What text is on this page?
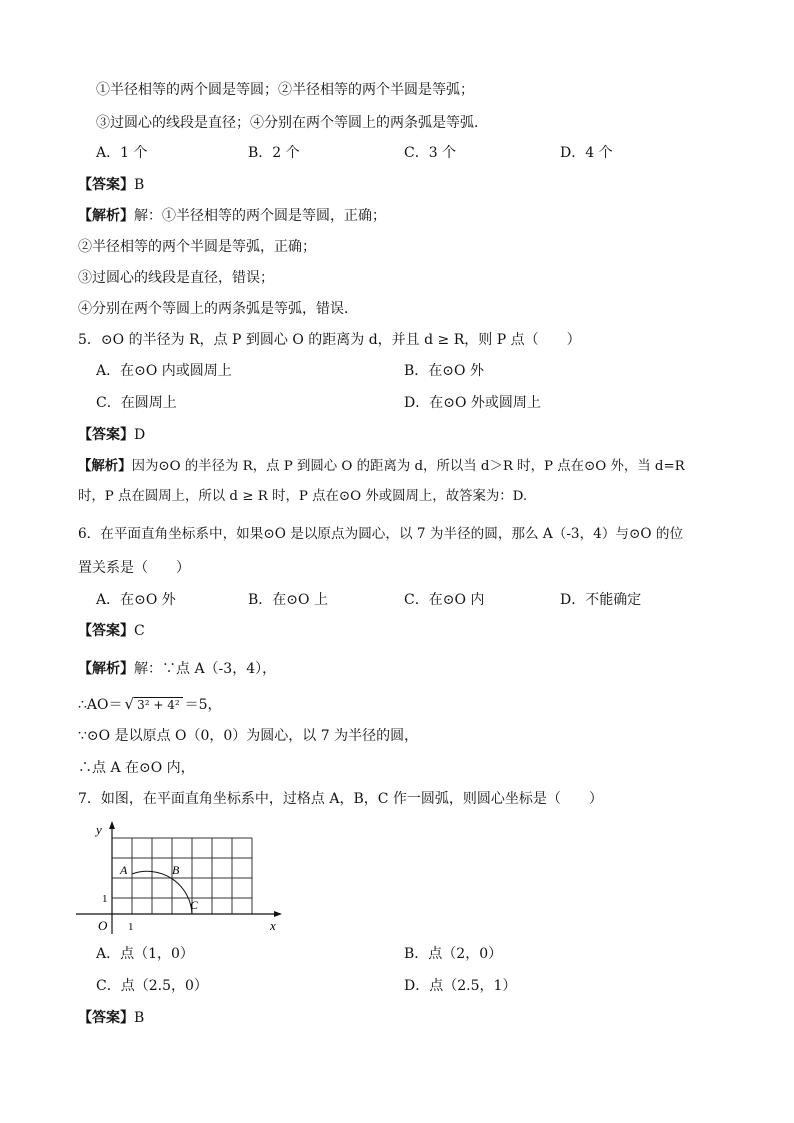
①半径相等的两个圆是等圆；②半径相等的两个半圆是等弧；
③过圆心的线段是直径；④分别在两个等圆上的两条弧是等弧．
A．1 个	B．2 个	C．3 个	D．4 个
【答案】B
【解析】解：①半径相等的两个圆是等圆，正确；
②半径相等的两个半圆是等弧，正确；
③过圆心的线段是直径，错误；
④分别在两个等圆上的两条弧是等弧，错误．
5．⊙O 的半径为 R，点 P 到圆心 O 的距离为 d，并且 d ≥ R，则 P 点（　　）
A．在⊙O 内或圆周上	B．在⊙O 外
C．在圆周上	D．在⊙O 外或圆周上
【答案】D
【解析】因为⊙O 的半径为 R，点 P 到圆心 O 的距离为 d，所以当 d＞R 时，P 点在⊙O 外，当 d=R
时，P 点在圆周上，所以 d ≥ R 时，P 点在⊙O 外或圆周上，故答案为：D.
6．在平面直角坐标系中，如果⊙O 是以原点为圆心，以 7 为半径的圆，那么 A（-3，4）与⊙O 的位
置关系是（　　）
A．在⊙O 外	B．在⊙O 上	C．在⊙O 内	D．不能确定
【答案】C
【解析】解：∵点 A（-3，4），
∴AO＝ √ 3² + 4² ＝5，
∵⊙O 是以原点 O（0，0）为圆心，以 7 为半径的圆，
∴点 A 在⊙O 内，
7．如图，在平面直角坐标系中，过格点 A，B，C 作一圆弧，则圆心坐标是（　　）
y
x
O 1
1
A	B
C
A．点（1，0）	B．点（2，0）
C．点（2.5，0）	D．点（2.5，1）
【答案】B
